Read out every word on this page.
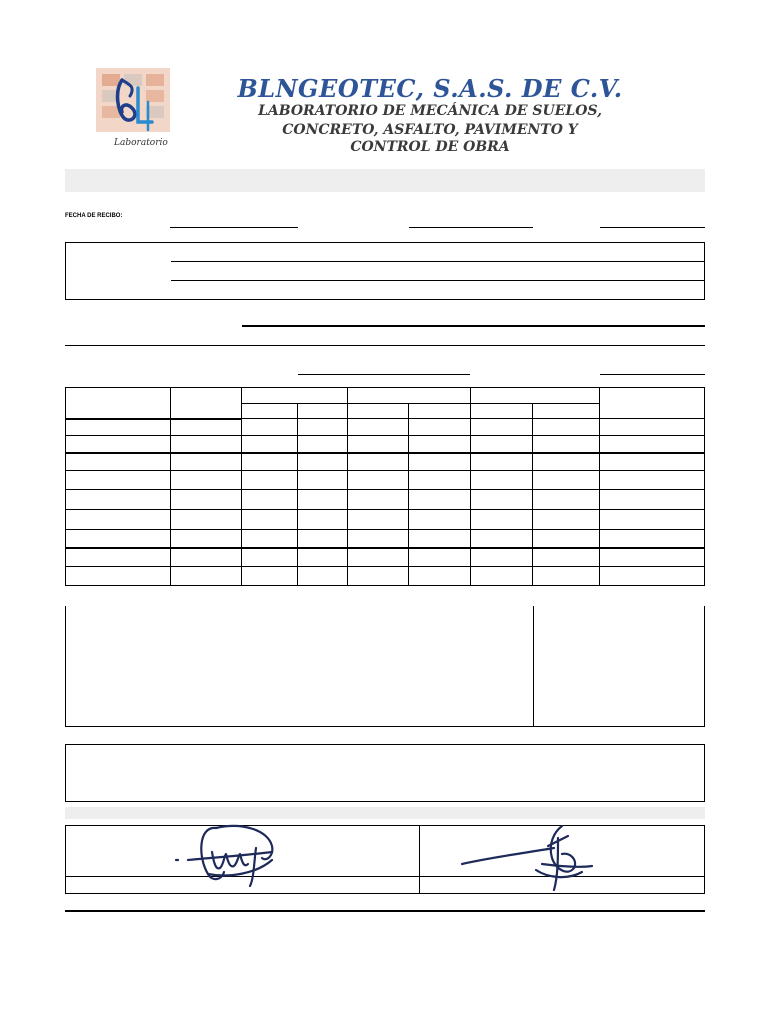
Laboratorio
BLNGEOTEC, S.A.S. DE C.V.
LABORATORIO DE MECÁNICA DE SUELOS,
CONCRETO, ASFALTO, PAVIMENTO Y
CONTROL DE OBRA
FECHA DE RECIBO:
